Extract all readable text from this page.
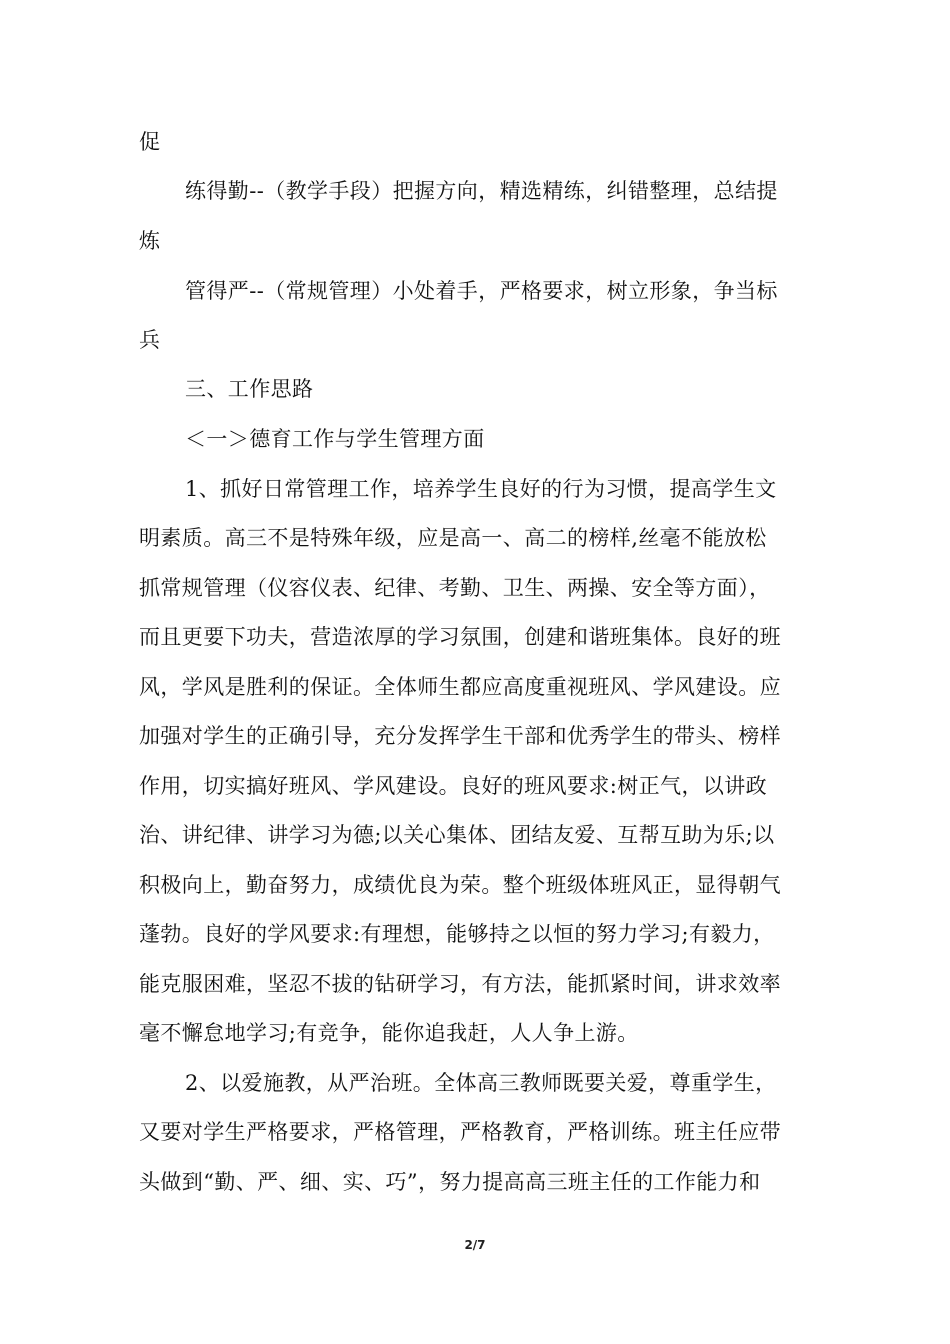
促
练得勤--（教学手段）把握方向，精选精练，纠错整理，总结提
炼
管得严--（常规管理）小处着手，严格要求，树立形象，争当标
兵
三、工作思路
＜一＞德育工作与学生管理方面
1、抓好日常管理工作，培养学生良好的行为习惯，提高学生文
明素质。高三不是特殊年级，应是高一、高二的榜样,丝毫不能放松
抓常规管理（仪容仪表、纪律、考勤、卫生、两操、安全等方面），
而且更要下功夫，营造浓厚的学习氛围，创建和谐班集体。良好的班
风，学风是胜利的保证。全体师生都应高度重视班风、学风建设。应
加强对学生的正确引导，充分发挥学生干部和优秀学生的带头、榜样
作用，切实搞好班风、学风建设。良好的班风要求:树正气，以讲政
治、讲纪律、讲学习为德;以关心集体、团结友爱、互帮互助为乐;以
积极向上，勤奋努力，成绩优良为荣。整个班级体班风正，显得朝气
蓬勃。良好的学风要求:有理想，能够持之以恒的努力学习;有毅力，
能克服困难，坚忍不拔的钻研学习，有方法，能抓紧时间，讲求效率
毫不懈怠地学习;有竞争，能你追我赶，人人争上游。
2、以爱施教，从严治班。全体高三教师既要关爱，尊重学生，
又要对学生严格要求，严格管理，严格教育，严格训练。班主任应带
头做到“勤、严、细、实、巧”，努力提高高三班主任的工作能力和
2/7
